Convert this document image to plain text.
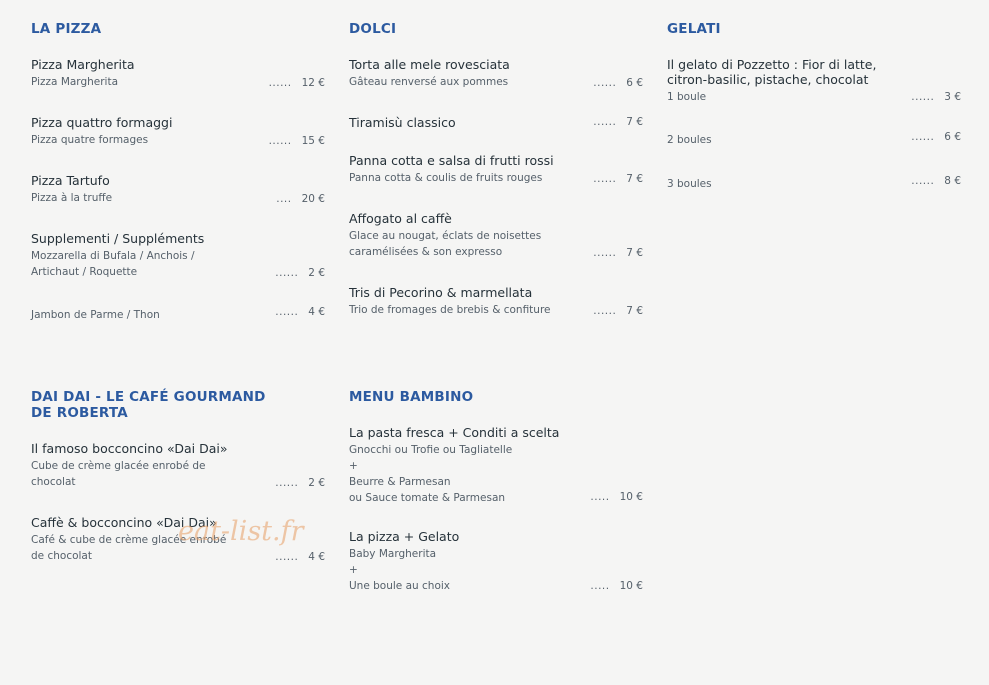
LA PIZZA
Pizza Margherita
Pizza Margherita	...... 12 €
Pizza quattro formaggi
Pizza quatre formages	...... 15 €
Pizza Tartufo
Pizza à la truffe	.... 20 €
Supplementi / Suppléments
Mozzarella di Bufala / Anchois / Artichaut / Roquette	...... 2 €
Jambon de Parme / Thon	...... 4 €
DOLCI
Torta alle mele rovesciata
Gâteau renversé aux pommes	...... 6 €
Tiramisù classico	...... 7 €
Panna cotta e salsa di frutti rossi
Panna cotta & coulis de fruits rouges	...... 7 €
Affogato al caffè
Glace au nougat, éclats de noisettes caramélisées & son expresso	...... 7 €
Tris di Pecorino & marmellata
Trio de fromages de brebis & confiture	...... 7 €
GELATI
Il gelato di Pozzetto : Fior di latte, citron-basilic, pistache, chocolat
1 boule	...... 3 €
2 boules	...... 6 €
3 boules	...... 8 €
DAI DAI - LE CAFÉ GOURMAND DE ROBERTA
Il famoso bocconcino «Dai Dai»
Cube de crème glacée enrobé de chocolat	...... 2 €
Caffè & bocconcino «Dai Dai»
Café & cube de crème glacée enrobé de chocolat	...... 4 €
MENU BAMBINO
La pasta fresca + Conditi a scelta
Gnocchi ou Trofie ou Tagliatelle
+
Beurre & Parmesan
ou Sauce tomate & Parmesan	..... 10 €
La pizza + Gelato
Baby Margherita
+
Une boule au choix	..... 10 €
eat-list.fr
